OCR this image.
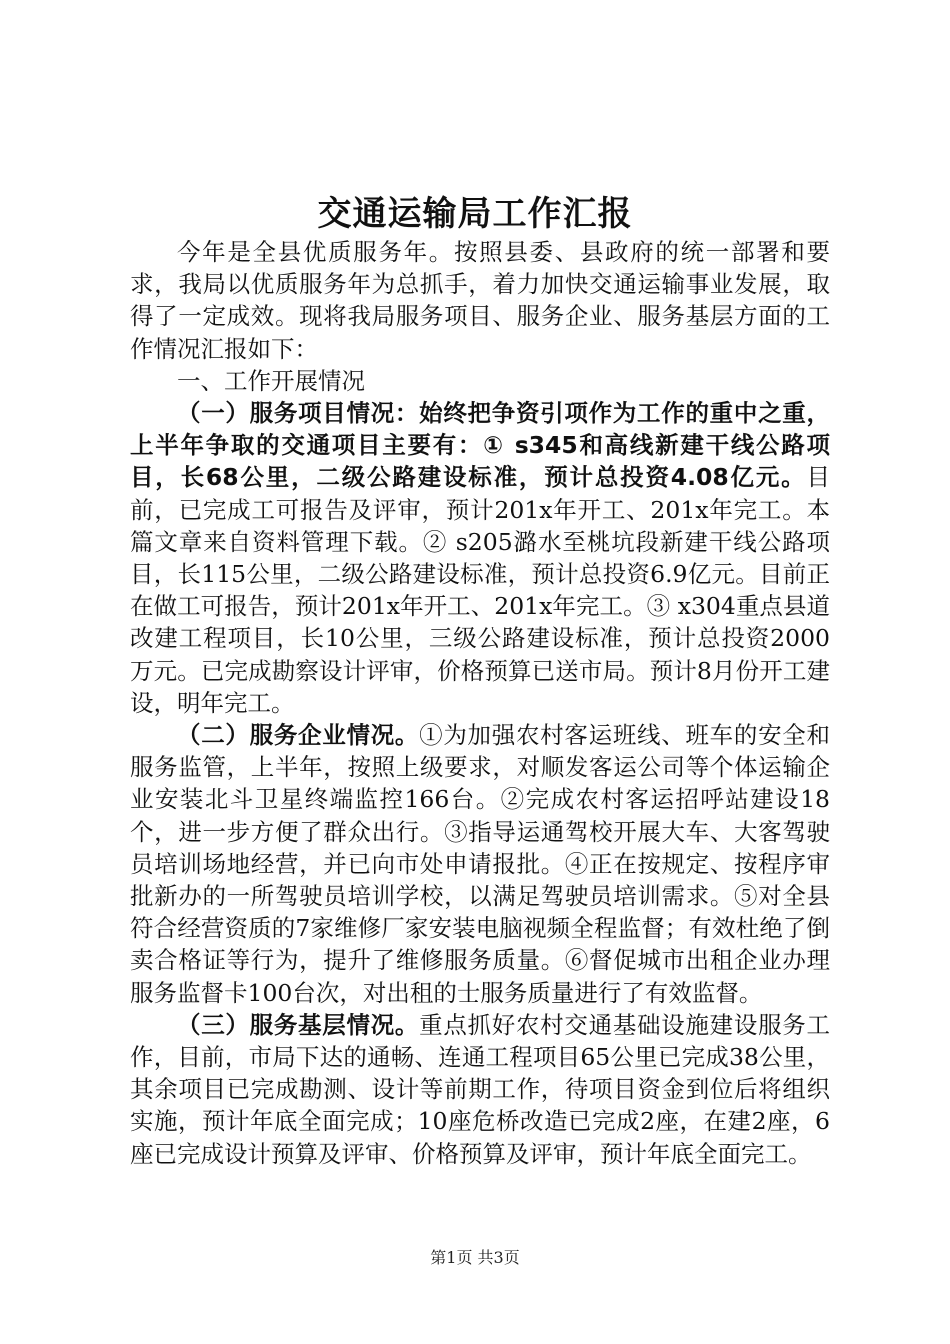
交通运输局工作汇报

今年是全县优质服务年。按照县委、县政府的统一部署和要求，我局以优质服务年为总抓手，着力加快交通运输事业发展，取得了一定成效。现将我局服务项目、服务企业、服务基层方面的工作情况汇报如下：

一、工作开展情况

（一）服务项目情况：始终把争资引项作为工作的重中之重，上半年争取的交通项目主要有：① s345和高线新建干线公路项目，长68公里，二级公路建设标准，预计总投资4.08亿元。目前，已完成工可报告及评审，预计201x年开工、201x年完工。本篇文章来自资料管理下载。② s205潞水至桃坑段新建干线公路项目，长115公里，二级公路建设标准，预计总投资6.9亿元。目前正在做工可报告，预计201x年开工、201x年完工。③ x304重点县道改建工程项目，长10公里，三级公路建设标准，预计总投资2000万元。已完成勘察设计评审，价格预算已送市局。预计8月份开工建设，明年完工。

（二）服务企业情况。①为加强农村客运班线、班车的安全和服务监管，上半年，按照上级要求，对顺发客运公司等个体运输企业安装北斗卫星终端监控166台。②完成农村客运招呼站建设18个，进一步方便了群众出行。③指导运通驾校开展大车、大客驾驶员培训场地经营，并已向市处申请报批。④正在按规定、按程序审批新办的一所驾驶员培训学校，以满足驾驶员培训需求。⑤对全县符合经营资质的7家维修厂家安装电脑视频全程监督；有效杜绝了倒卖合格证等行为，提升了维修服务质量。⑥督促城市出租企业办理服务监督卡100台次，对出租的士服务质量进行了有效监督。

（三）服务基层情况。重点抓好农村交通基础设施建设服务工作，目前，市局下达的通畅、连通工程项目65公里已完成38公里，其余项目已完成勘测、设计等前期工作，待项目资金到位后将组织实施，预计年底全面完成；10座危桥改造已完成2座，在建2座，6座已完成设计预算及评审、价格预算及评审，预计年底全面完工。

第1页 共3页
